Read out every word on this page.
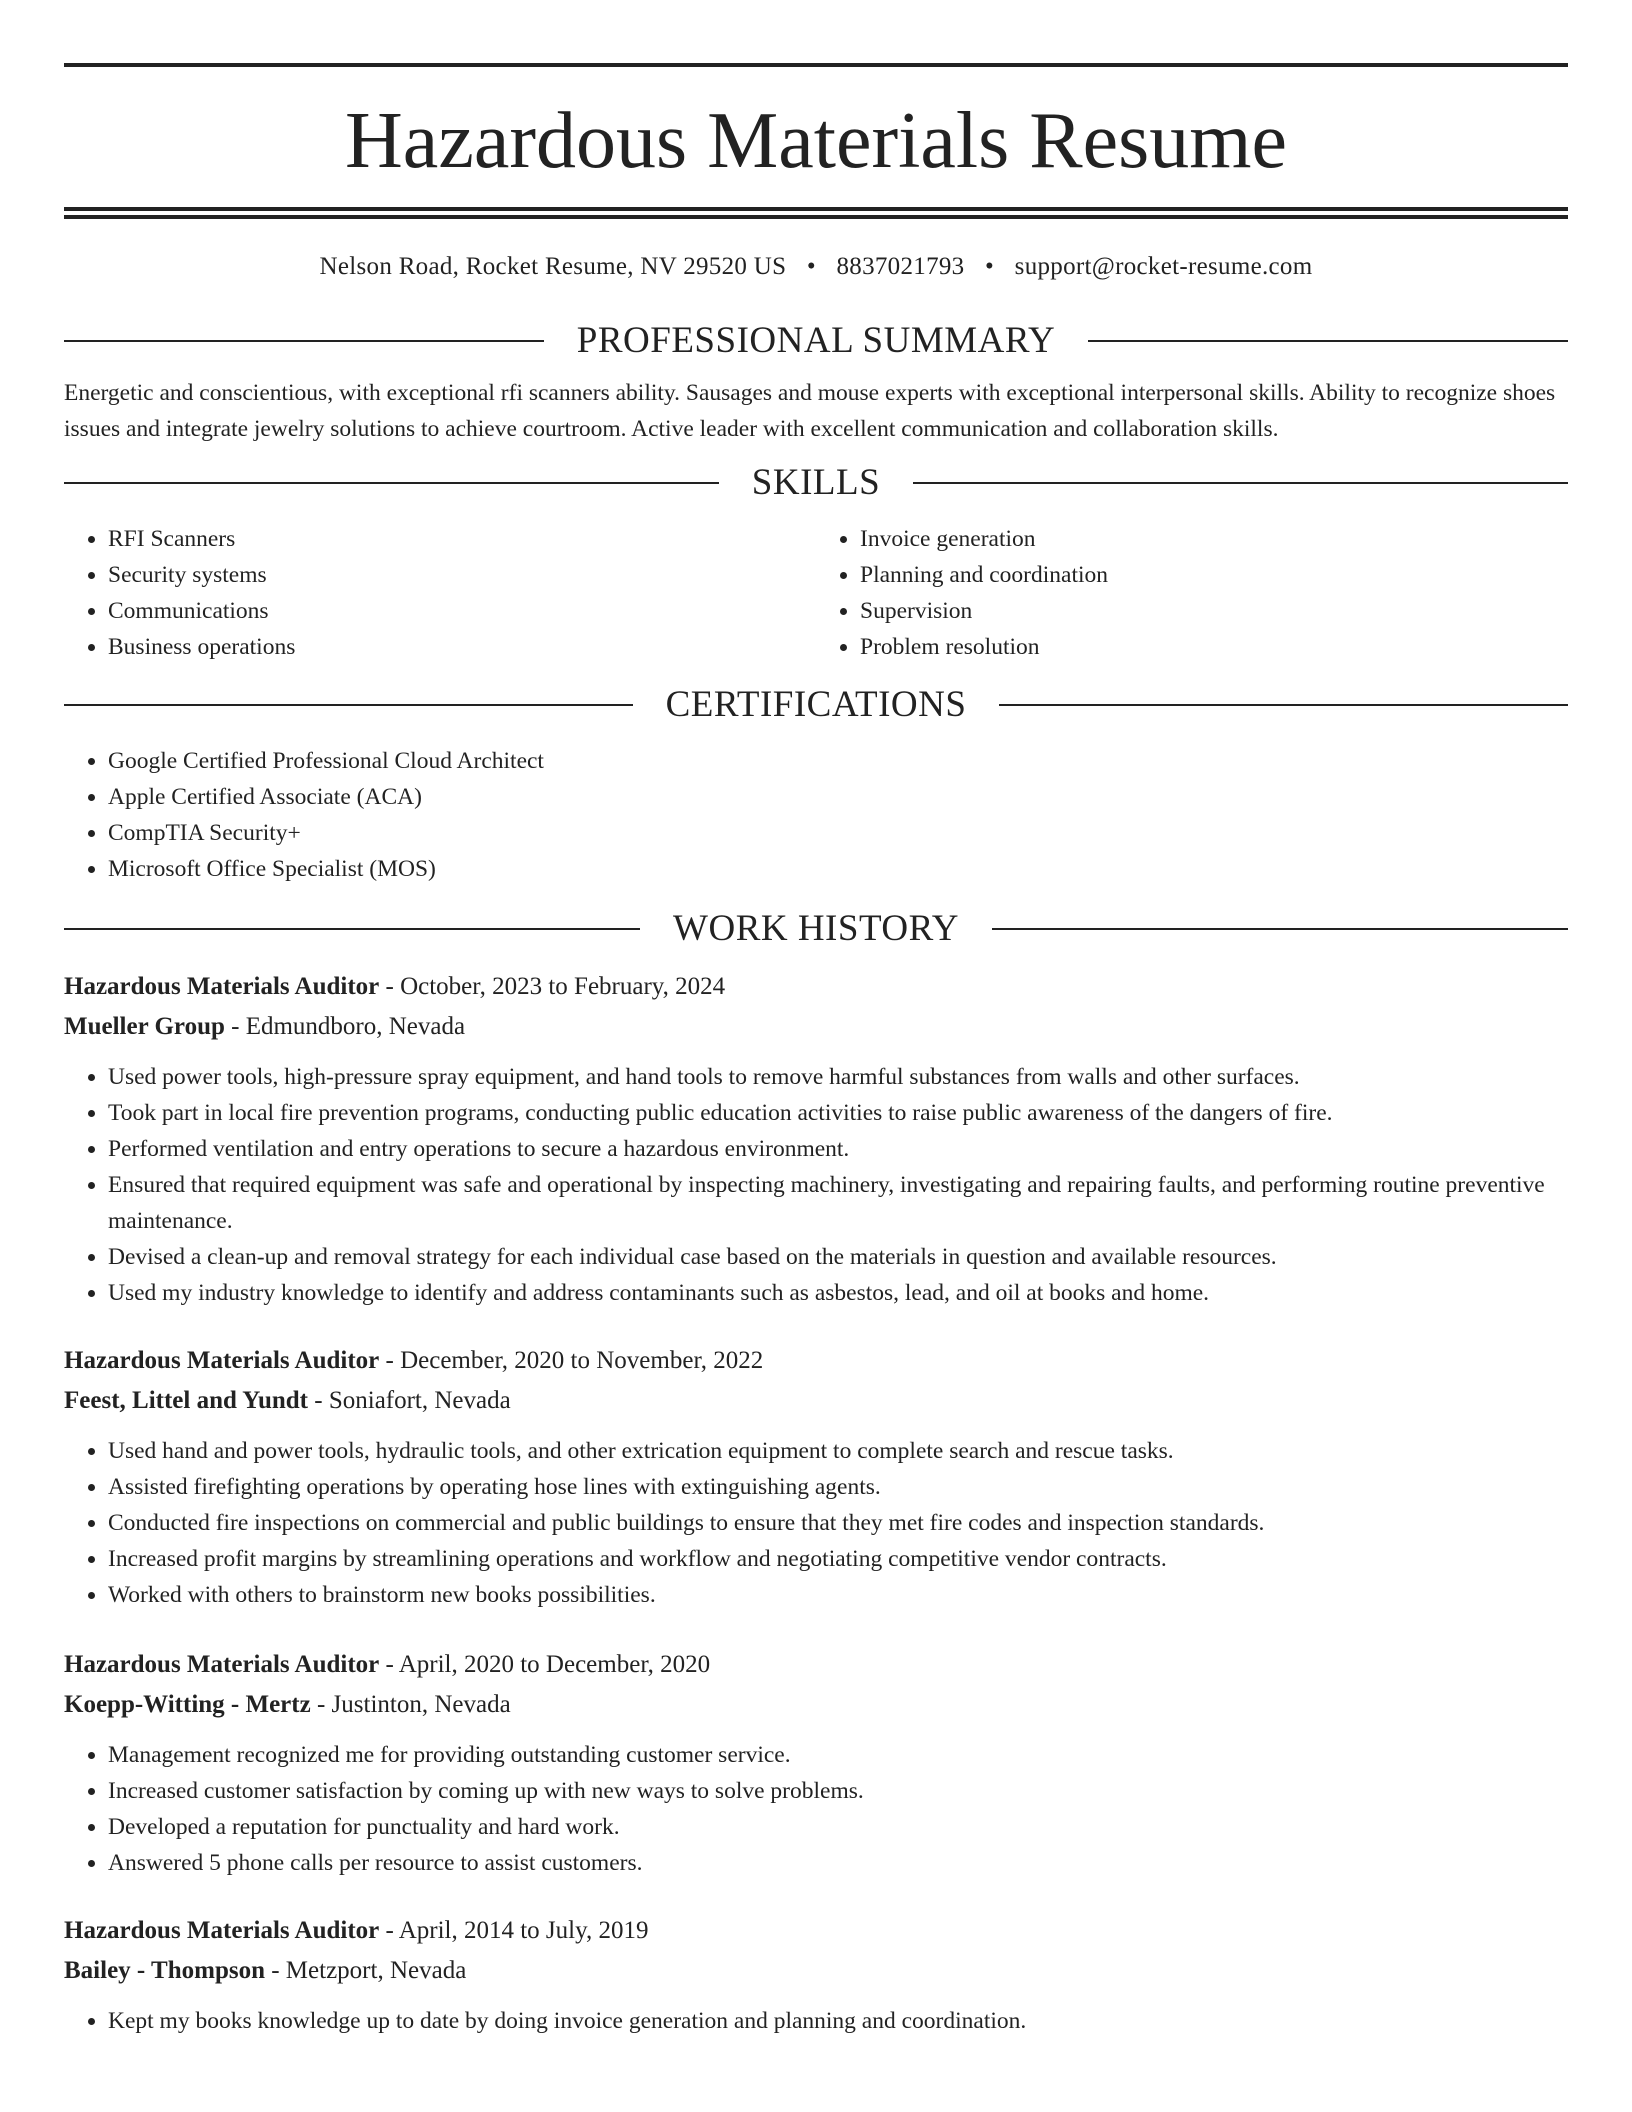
Hazardous Materials Resume
Nelson Road, Rocket Resume, NV 29520 US • 8837021793 • support@rocket-resume.com
PROFESSIONAL SUMMARY

Energetic and conscientious, with exceptional rfi scanners ability. Sausages and mouse experts with exceptional interpersonal skills. Ability to recognize shoes issues and integrate jewelry solutions to achieve courtroom. Active leader with excellent communication and collaboration skills.

SKILLS
• RFI Scanners
• Security systems
• Communications
• Business operations
• Invoice generation
• Planning and coordination
• Supervision
• Problem resolution
CERTIFICATIONS
• Google Certified Professional Cloud Architect
• Apple Certified Associate (ACA)
• CompTIA Security+
• Microsoft Office Specialist (MOS)
WORK HISTORY
Hazardous Materials Auditor - October, 2023 to February, 2024
Mueller Group - Edmundboro, Nevada
• Used power tools, high-pressure spray equipment, and hand tools to remove harmful substances from walls and other surfaces.
• Took part in local fire prevention programs, conducting public education activities to raise public awareness of the dangers of fire.
• Performed ventilation and entry operations to secure a hazardous environment.
• Ensured that required equipment was safe and operational by inspecting machinery, investigating and repairing faults, and performing routine preventive maintenance.
• Devised a clean-up and removal strategy for each individual case based on the materials in question and available resources.
• Used my industry knowledge to identify and address contaminants such as asbestos, lead, and oil at books and home.
Hazardous Materials Auditor - December, 2020 to November, 2022
Feest, Littel and Yundt - Soniafort, Nevada
• Used hand and power tools, hydraulic tools, and other extrication equipment to complete search and rescue tasks.
• Assisted firefighting operations by operating hose lines with extinguishing agents.
• Conducted fire inspections on commercial and public buildings to ensure that they met fire codes and inspection standards.
• Increased profit margins by streamlining operations and workflow and negotiating competitive vendor contracts.
• Worked with others to brainstorm new books possibilities.
Hazardous Materials Auditor - April, 2020 to December, 2020
Koepp-Witting - Mertz - Justinton, Nevada
• Management recognized me for providing outstanding customer service.
• Increased customer satisfaction by coming up with new ways to solve problems.
• Developed a reputation for punctuality and hard work.
• Answered 5 phone calls per resource to assist customers.
Hazardous Materials Auditor - April, 2014 to July, 2019
Bailey - Thompson - Metzport, Nevada
• Kept my books knowledge up to date by doing invoice generation and planning and coordination.
